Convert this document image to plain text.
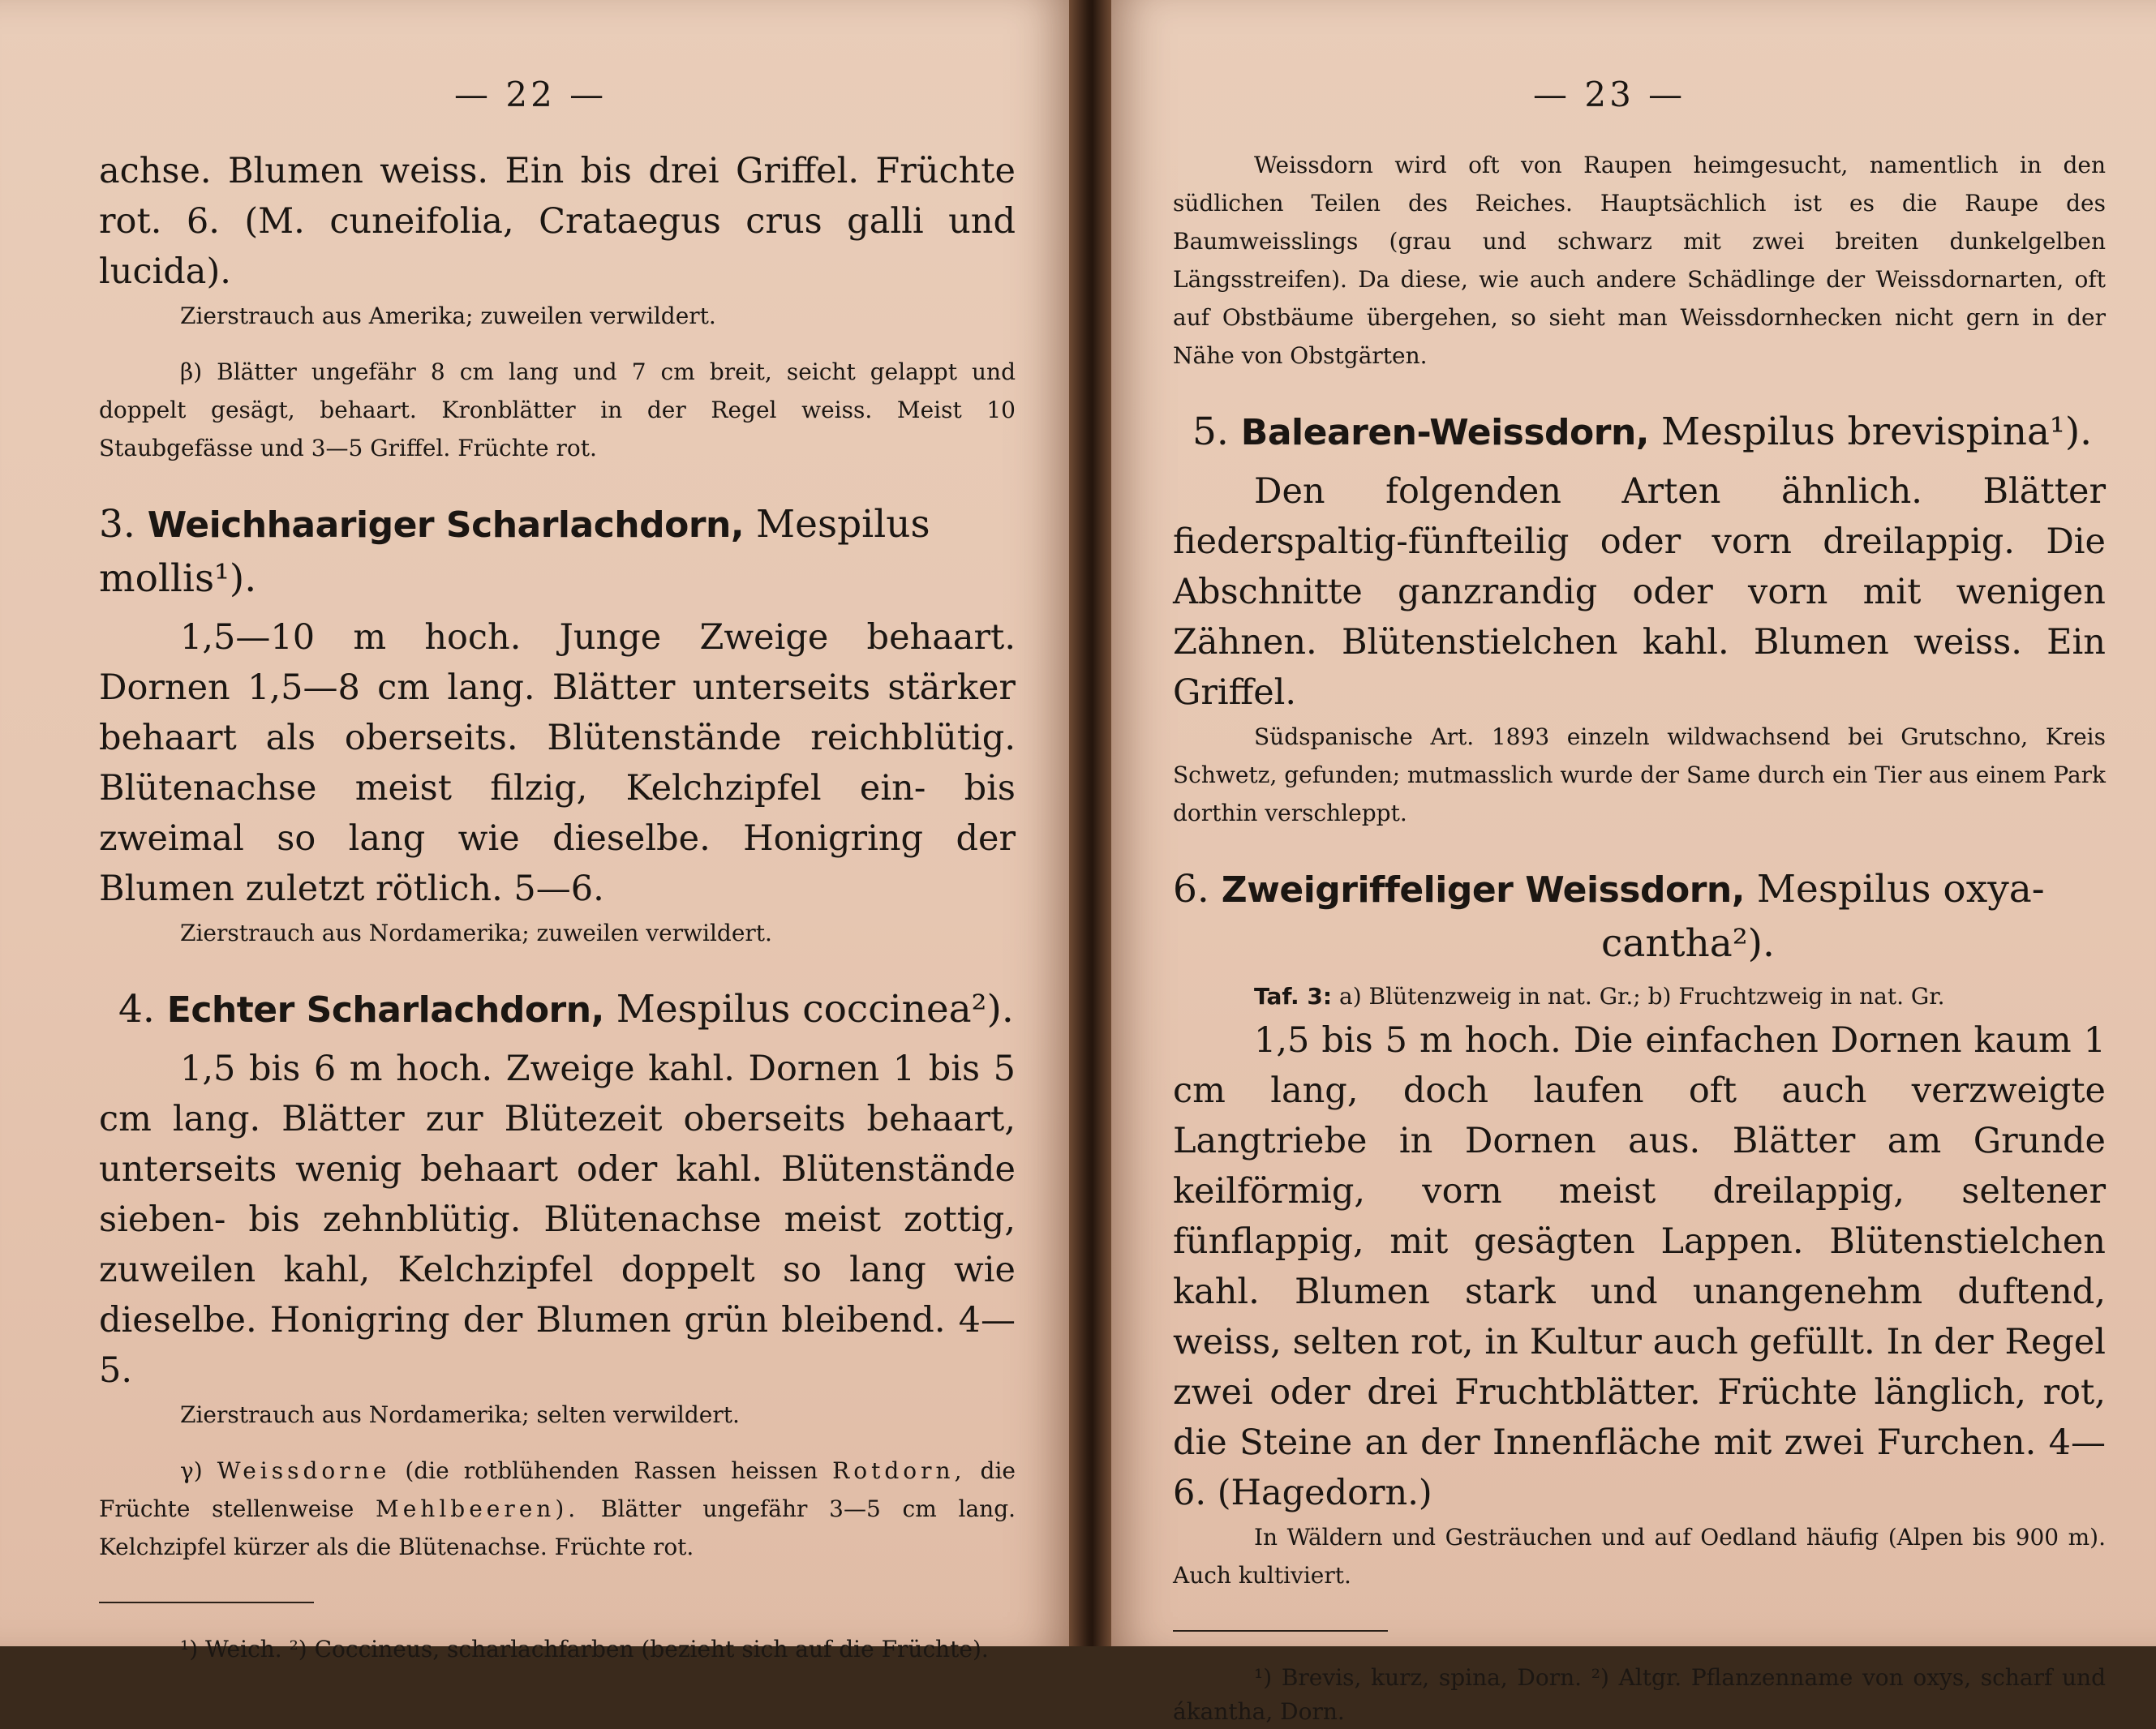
— 22 —

achse. Blumen weiss. Ein bis drei Griffel. Früchte rot. 6. (M. cuneifolia, Crataegus crus galli und lucida).

Zierstrauch aus Amerika; zuweilen verwildert.

β) Blätter ungefähr 8 cm lang und 7 cm breit, seicht gelappt und doppelt gesägt, behaart. Kronblätter in der Regel weiss. Meist 10 Staubgefässe und 3—5 Griffel. Früchte rot.

3. Weichhaariger Scharlachdorn, Mespilus mollis¹).

1,5—10 m hoch. Junge Zweige behaart. Dornen 1,5—8 cm lang. Blätter unterseits stärker behaart als oberseits. Blütenstände reichblütig. Blütenachse meist filzig, Kelchzipfel ein- bis zweimal so lang wie dieselbe. Honigring der Blumen zuletzt rötlich. 5—6.

Zierstrauch aus Nordamerika; zuweilen verwildert.

4. Echter Scharlachdorn, Mespilus coccinea²).

1,5 bis 6 m hoch. Zweige kahl. Dornen 1 bis 5 cm lang. Blätter zur Blütezeit oberseits behaart, unterseits wenig behaart oder kahl. Blütenstände sieben- bis zehnblütig. Blütenachse meist zottig, zuweilen kahl, Kelchzipfel doppelt so lang wie dieselbe. Honigring der Blumen grün bleibend. 4—5.

Zierstrauch aus Nordamerika; selten verwildert.

γ) Weissdorne (die rotblühenden Rassen heissen Rotdorn, die Früchte stellenweise Mehlbeeren). Blätter ungefähr 3—5 cm lang. Kelchzipfel kürzer als die Blütenachse. Früchte rot.

¹) Weich. ²) Coccineus, scharlachfarben (bezieht sich auf die Früchte).

— 23 —

Weissdorn wird oft von Raupen heimgesucht, namentlich in den südlichen Teilen des Reiches. Hauptsächlich ist es die Raupe des Baumweisslings (grau und schwarz mit zwei breiten dunkelgelben Längsstreifen). Da diese, wie auch andere Schädlinge der Weissdornarten, oft auf Obstbäume übergehen, so sieht man Weissdornhecken nicht gern in der Nähe von Obstgärten.

5. Balearen-Weissdorn, Mespilus brevispina¹).

Den folgenden Arten ähnlich. Blätter fiederspaltig-fünfteilig oder vorn dreilappig. Die Abschnitte ganzrandig oder vorn mit wenigen Zähnen. Blütenstielchen kahl. Blumen weiss. Ein Griffel.

Südspanische Art. 1893 einzeln wildwachsend bei Grutschno, Kreis Schwetz, gefunden; mutmasslich wurde der Same durch ein Tier aus einem Park dorthin verschleppt.

6. Zweigriffeliger Weissdorn, Mespilus oxya-
cantha²).

Taf. 3: a) Blütenzweig in nat. Gr.; b) Fruchtzweig in nat. Gr.

1,5 bis 5 m hoch. Die einfachen Dornen kaum 1 cm lang, doch laufen oft auch verzweigte Langtriebe in Dornen aus. Blätter am Grunde keilförmig, vorn meist dreilappig, seltener fünflappig, mit gesägten Lappen. Blütenstielchen kahl. Blumen stark und unangenehm duftend, weiss, selten rot, in Kultur auch gefüllt. In der Regel zwei oder drei Fruchtblätter. Früchte länglich, rot, die Steine an der Innenfläche mit zwei Furchen. 4—6. (Hagedorn.)

In Wäldern und Gesträuchen und auf Oedland häufig (Alpen bis 900 m). Auch kultiviert.

¹) Brevis, kurz, spina, Dorn. ²) Altgr. Pflanzenname von oxys, scharf und ákantha, Dorn.
